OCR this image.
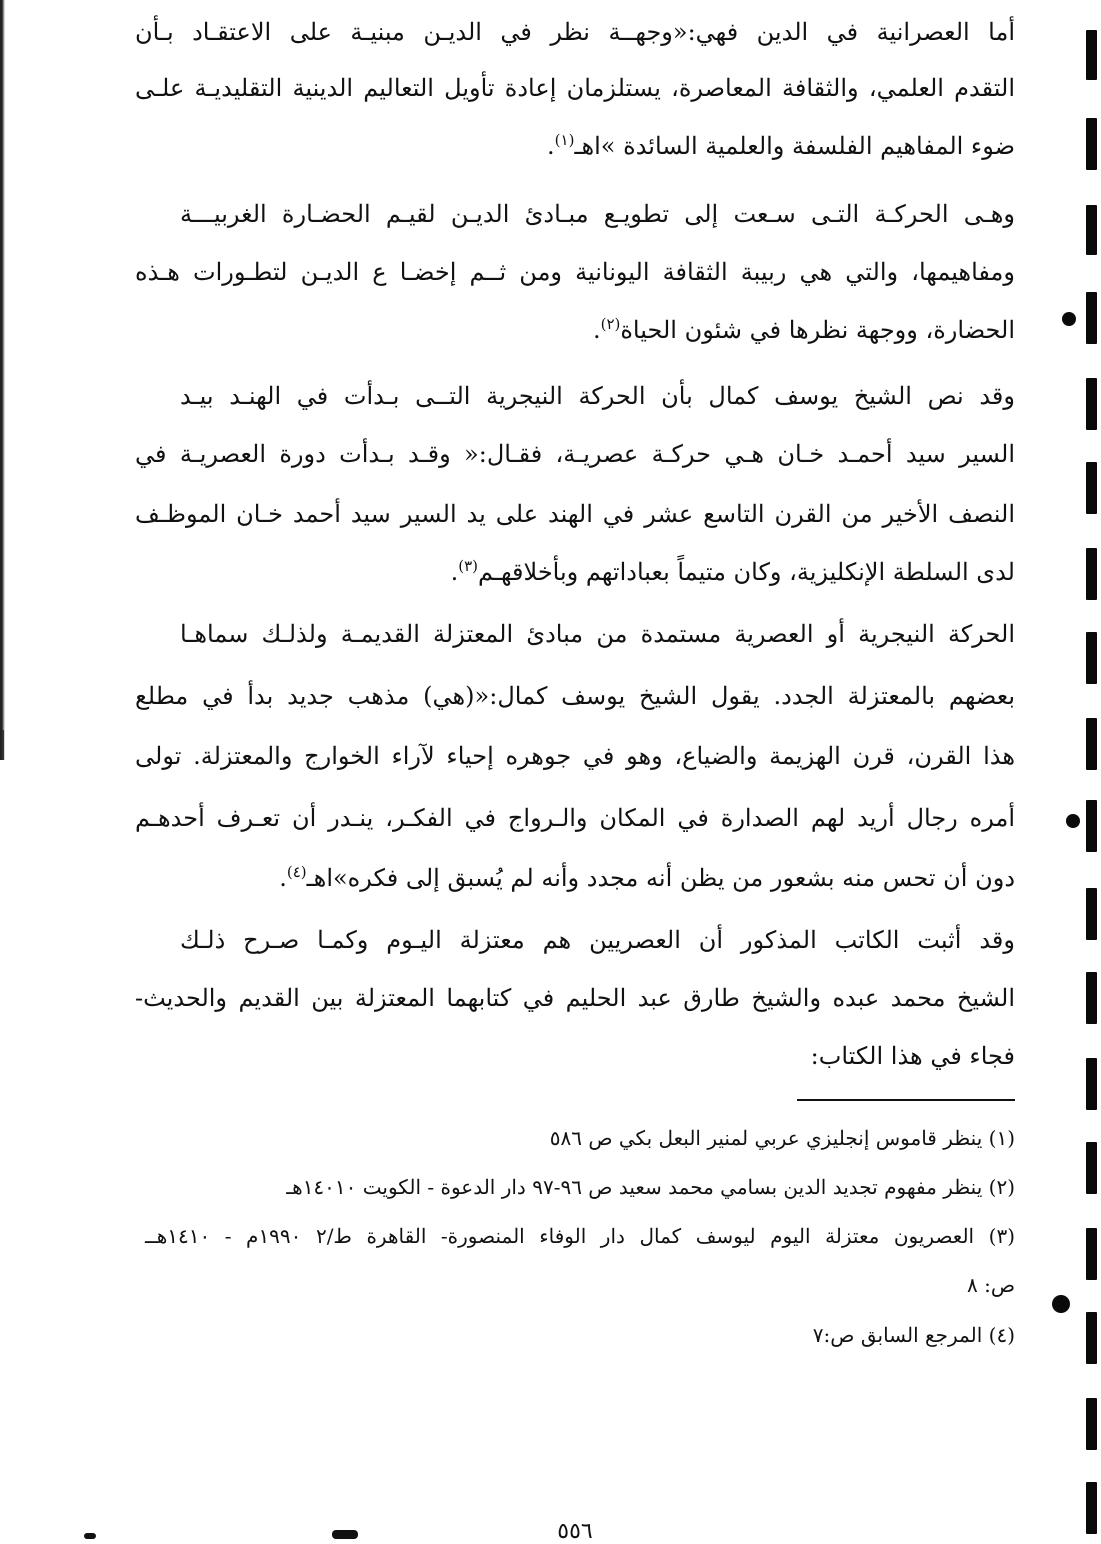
أما العصرانية في الدين فهي:«وجهــة نظر في الديـن مبنيـة على الاعتقـاد بـأن
التقدم العلمي، والثقافة المعاصرة، يستلزمان إعادة تأويل التعاليم الدينية التقليديـة علـى
ضوء المفاهيم الفلسفة والعلمية السائدة »اهـ$^{(١)}$.
وهـى الحركـة التـى سـعت إلى تطويـع مبـادئ الديـن لقيـم الحضـارة الغربيـــة
ومفاهيمها، والتي هي ربيبة الثقافة اليونانية ومن ثــم إخضـا ع الديـن لتطـورات هـذه
الحضارة، ووجهة نظرها في شئون الحياة$^{(٢)}$.
وقد نص الشيخ يوسف كمال بأن الحركة النيجرية التــى بـدأت في الهنـد بيـد
السير سيد أحمـد خـان هـي حركـة عصريـة، فقـال:« وقـد بـدأت دورة العصريـة في
النصف الأخير من القرن التاسع عشر في الهند على يد السير سيد أحمد خـان الموظـف
لدى السلطة الإنكليزية، وكان متيماً بعباداتهم وبأخلاقهـم$^{(٣)}$.
الحركة النيجرية أو العصرية مستمدة من مبادئ المعتزلة القديمـة ولذلـك سماهـا
بعضهم بالمعتزلة الجدد. يقول الشيخ يوسف كمال:«(هي) مذهب جديد بدأ في مطلع
هذا القرن، قرن الهزيمة والضياع، وهو في جوهره إحياء لآراء الخوارج والمعتزلة. تولى
أمره رجال أريد لهم الصدارة في المكان والـرواج في الفكـر، ينـدر أن تعـرف أحدهـم
دون أن تحس منه بشعور من يظن أنه مجدد وأنه لم يُسبق إلى فكره»اهـ$^{(٤)}$.
وقد أثبت الكاتب المذكور أن العصريين هم معتزلة اليـوم وكمـا صـرح ذلـك
الشيخ محمد عبده والشيخ طارق عبد الحليم في كتابهما المعتزلة بين القديم والحديث-
فجاء في هذا الكتاب:
(١) ينظر قاموس إنجليزي عربي لمنير البعل بكي ص ٥٨٦
(٢) ينظر مفهوم تجديد الدين بسامي محمد سعيد ص ٩٦-٩٧ دار الدعوة - الكويت ١٤٠١٠هـ
(٣) العصريون معتزلة اليوم ليوسف كمال دار الوفاء المنصورة- القاهرة ط/٢ ١٩٩٠م - ١٤١٠هــ
ص: ٨
(٤) المرجع السابق ص:٧
٥٥٦
